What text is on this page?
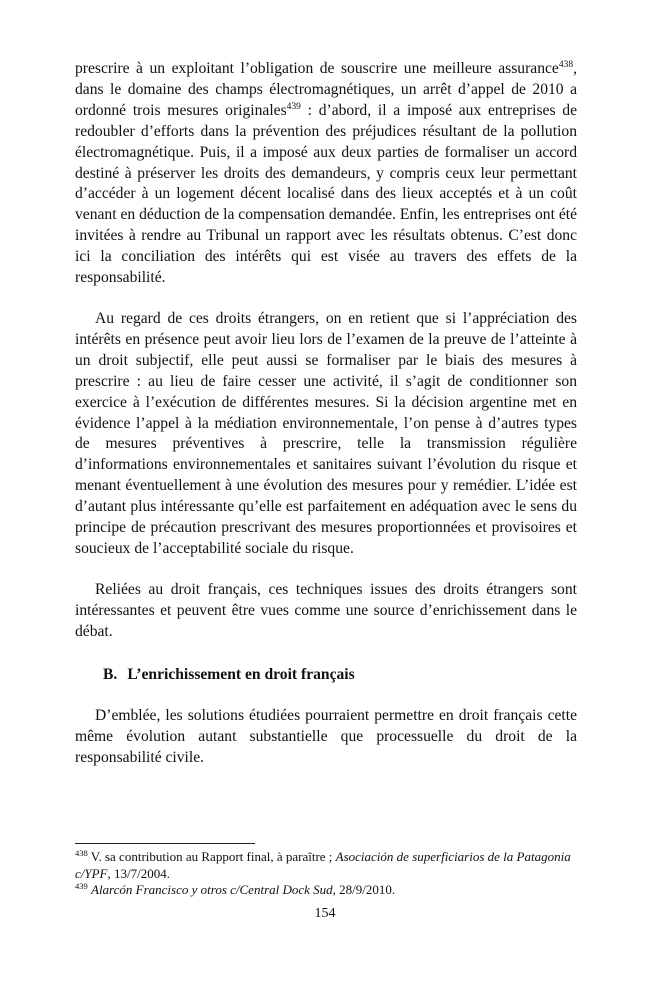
prescrire à un exploitant l’obligation de souscrire une meilleure assurance$^{438}$, dans le domaine des champs électromagnétiques, un arrêt d’appel de 2010 a ordonné trois mesures originales$^{439}$ : d’abord, il a imposé aux entreprises de redoubler d’efforts dans la prévention des préjudices résultant de la pollution électromagnétique. Puis, il a imposé aux deux parties de formaliser un accord destiné à préserver les droits des demandeurs, y compris ceux leur permettant d’accéder à un logement décent localisé dans des lieux acceptés et à un coût venant en déduction de la compensation demandée. Enfin, les entreprises ont été invitées à rendre au Tribunal un rapport avec les résultats obtenus. C’est donc ici la conciliation des intérêts qui est visée au travers des effets de la responsabilité.

Au regard de ces droits étrangers, on en retient que si l’appréciation des intérêts en présence peut avoir lieu lors de l’examen de la preuve de l’atteinte à un droit subjectif, elle peut aussi se formaliser par le biais des mesures à prescrire : au lieu de faire cesser une activité, il s’agit de conditionner son exercice à l’exécution de différentes mesures. Si la décision argentine met en évidence l’appel à la médiation environnementale, l’on pense à d’autres types de mesures préventives à prescrire, telle la transmission régulière d’informations environnementales et sanitaires suivant l’évolution du risque et menant éventuellement à une évolution des mesures pour y remédier. L’idée est d’autant plus intéressante qu’elle est parfaitement en adéquation avec le sens du principe de précaution prescrivant des mesures proportionnées et provisoires et soucieux de l’acceptabilité sociale du risque.

Reliées au droit français, ces techniques issues des droits étrangers sont intéressantes et peuvent être vues comme une source d’enrichissement dans le débat.

B. L’enrichissement en droit français

D’emblée, les solutions étudiées pourraient permettre en droit français cette même évolution autant substantielle que processuelle du droit de la responsabilité civile.

$^{438}$ V. sa contribution au Rapport final, à paraître ; Asociación de superficiarios de la Patagonia c/YPF, 13/7/2004.

$^{439}$ Alarcón Francisco y otros c/Central Dock Sud, 28/9/2010.

154
